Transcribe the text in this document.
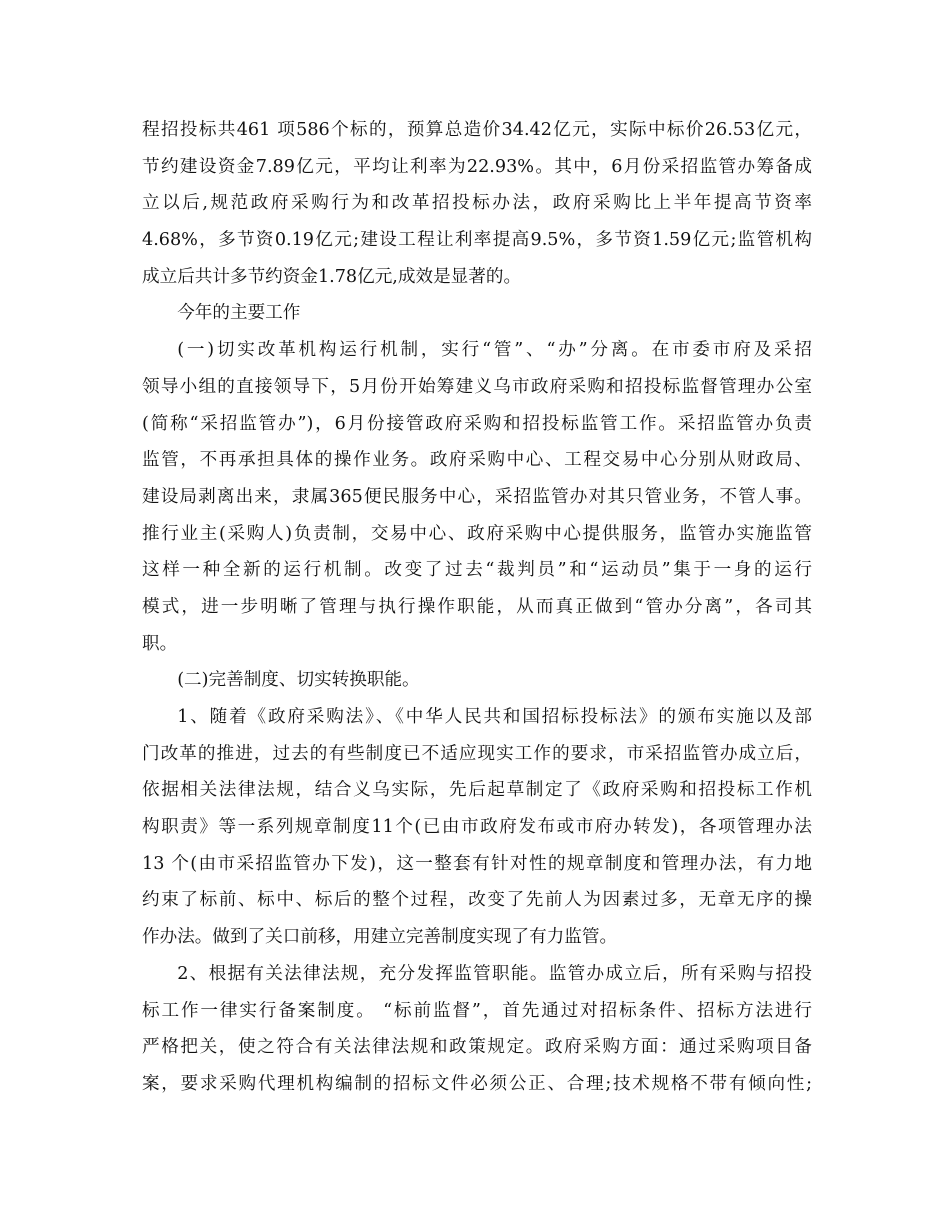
程招投标共461 项586个标的，预算总造价34.42亿元，实际中标价26.53亿元，
节约建设资金7.89亿元，平均让利率为22.93%。其中，6月份采招监管办筹备成
立以后,规范政府采购行为和改革招投标办法，政府采购比上半年提高节资率
4.68%，多节资0.19亿元;建设工程让利率提高9.5%，多节资1.59亿元;监管机构
成立后共计多节约资金1.78亿元,成效是显著的。
今年的主要工作
(一)切实改革机构运行机制，实行“管”、“办”分离。在市委市府及采招
领导小组的直接领导下，5月份开始筹建义乌市政府采购和招投标监督管理办公室
(简称“采招监管办”)，6月份接管政府采购和招投标监管工作。采招监管办负责
监管，不再承担具体的操作业务。政府采购中心、工程交易中心分别从财政局、
建设局剥离出来，隶属365便民服务中心，采招监管办对其只管业务，不管人事。
推行业主(采购人)负责制，交易中心、政府采购中心提供服务，监管办实施监管
这样一种全新的运行机制。改变了过去“裁判员”和“运动员”集于一身的运行
模式，进一步明晰了管理与执行操作职能，从而真正做到“管办分离”，各司其
职。
(二)完善制度、切实转换职能。
1、随着《政府采购法》、《中华人民共和国招标投标法》的颁布实施以及部
门改革的推进，过去的有些制度已不适应现实工作的要求，市采招监管办成立后，
依据相关法律法规，结合义乌实际，先后起草制定了《政府采购和招投标工作机
构职责》等一系列规章制度11个(已由市政府发布或市府办转发)，各项管理办法
13 个(由市采招监管办下发)，这一整套有针对性的规章制度和管理办法，有力地
约束了标前、标中、标后的整个过程，改变了先前人为因素过多，无章无序的操
作办法。做到了关口前移，用建立完善制度实现了有力监管。
2、根据有关法律法规，充分发挥监管职能。监管办成立后，所有采购与招投
标工作一律实行备案制度。 “标前监督”，首先通过对招标条件、招标方法进行
严格把关，使之符合有关法律法规和政策规定。政府采购方面：通过采购项目备
案，要求采购代理机构编制的招标文件必须公正、合理;技术规格不带有倾向性;
